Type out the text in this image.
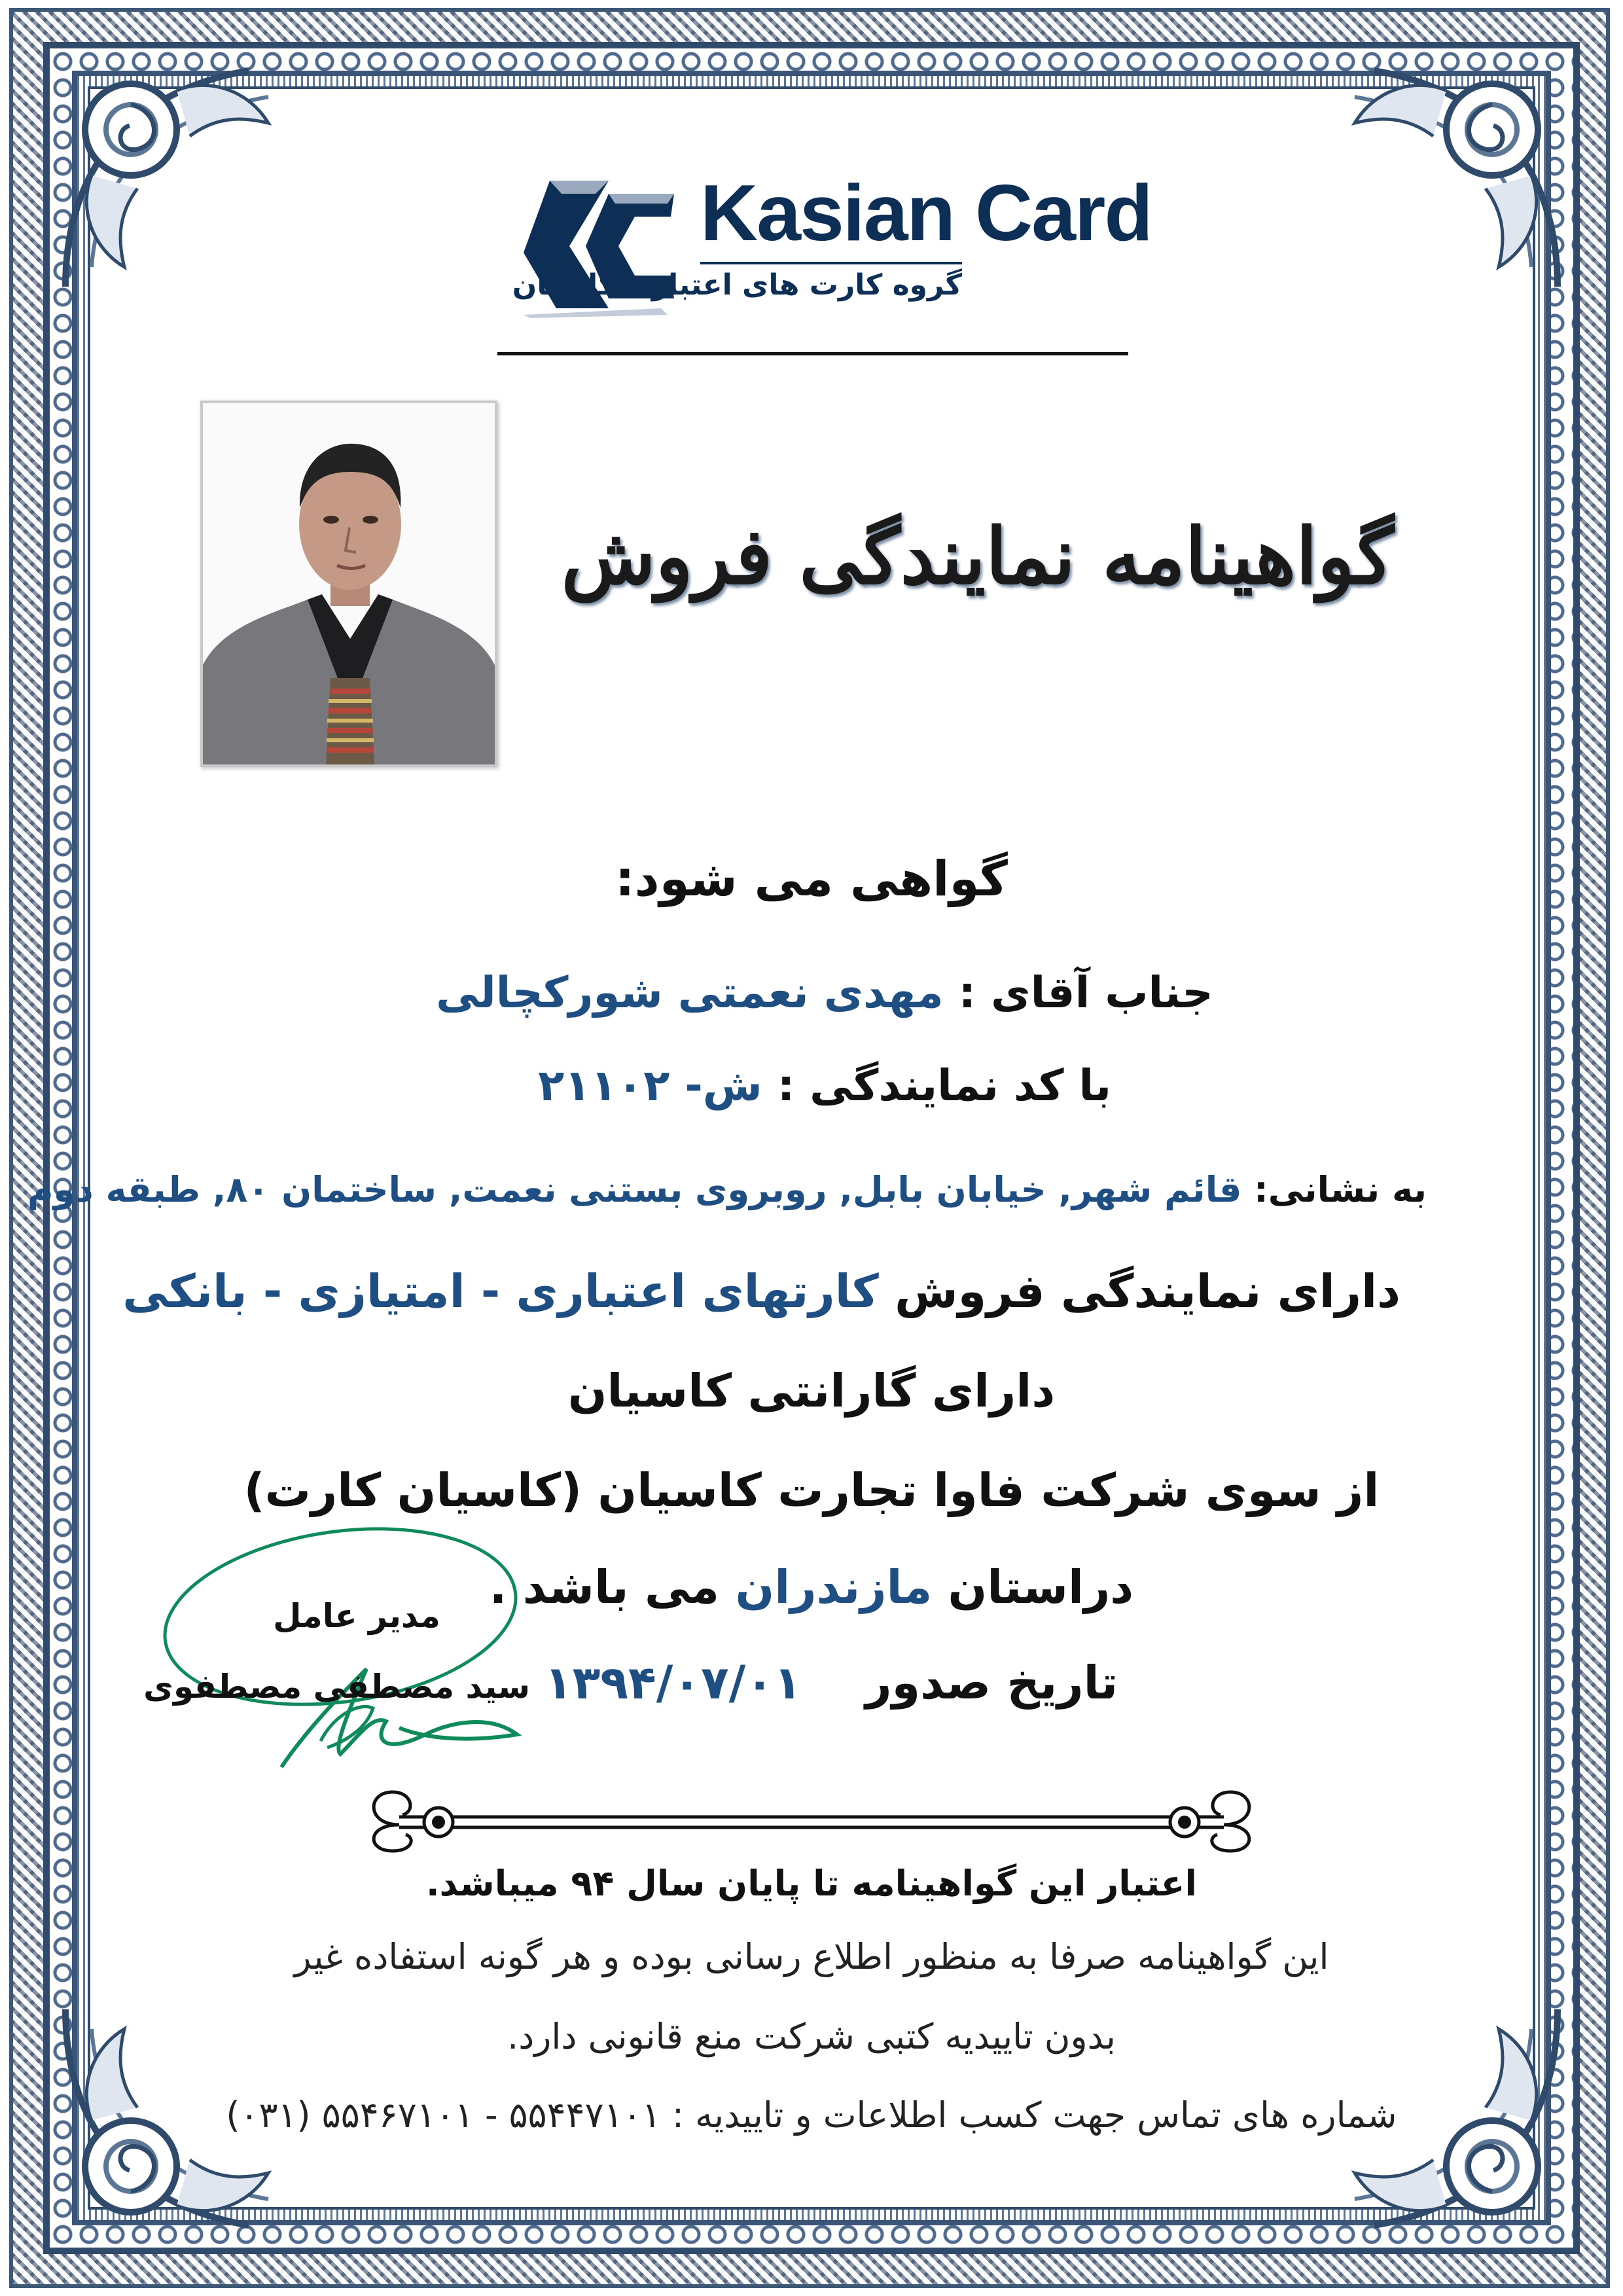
Kasian Card
گروه کارت های اعتباری کاسیان
گواهینامه نمایندگی فروش
گواهی می شود:
جناب آقای : مهدی نعمتی شورکچالی
با کد نمایندگی : ش- ۲۱۱۰۲
به نشانی: قائم شهر, خیابان بابل, روبروی بستنی نعمت, ساختمان ۸۰, طبقه دوم
دارای نمایندگی فروش کارتهای اعتباری - امتیازی - بانکی
دارای گارانتی کاسیان
از سوی شرکت فاوا تجارت کاسیان (کاسیان کارت)
دراستان مازندران می باشد .
تاریخ صدور    ۱۳۹۴/۰۷/۰۱
مدیر عامل
سید مصطفی مصطفوی
اعتبار این گواهینامه تا پایان سال ۹۴ میباشد.
این گواهینامه صرفا به منظور اطلاع رسانی بوده و هر گونه استفاده غیر
بدون تاییدیه کتبی شرکت منع قانونی دارد.
شماره های تماس جهت کسب اطلاعات و تاییدیه : ۵۵۴۴۷۱۰۱ - ۵۵۴۶۷۱۰۱ (۰۳۱)
